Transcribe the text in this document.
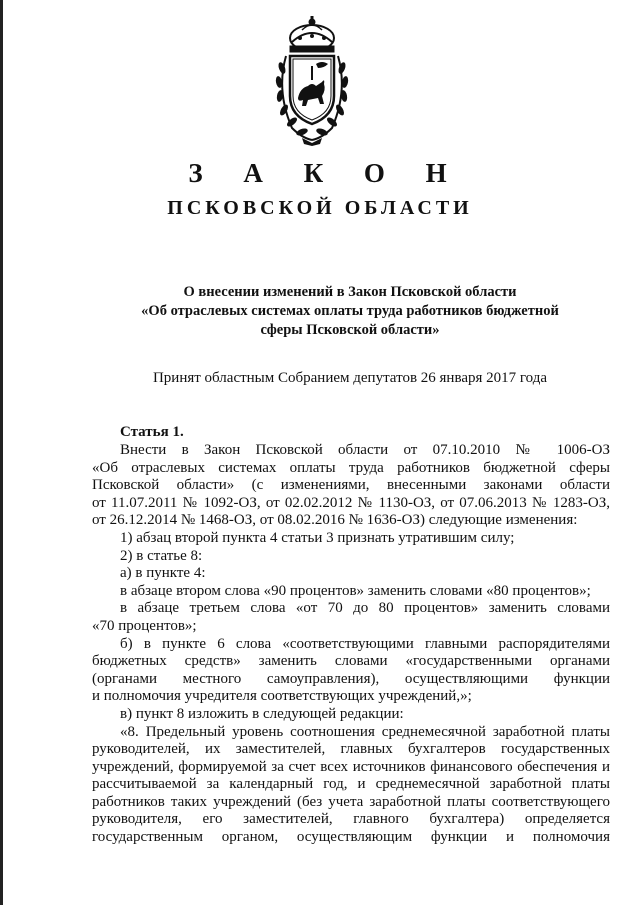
З А К О Н
ПСКОВСКОЙ ОБЛАСТИ
О внесении изменений в Закон Псковской области
«Об отраслевых системах оплаты труда работников бюджетной
сферы Псковской области»
Принят областным Собранием депутатов 26 января 2017 года
Статья 1.
Внести в Закон Псковской области от 07.10.2010 № 1006-ОЗ
«Об отраслевых системах оплаты труда работников бюджетной сферы
Псковской области» (с изменениями, внесенными законами области
от 11.07.2011 № 1092-ОЗ, от 02.02.2012 № 1130-ОЗ, от 07.06.2013 № 1283-ОЗ,
от 26.12.2014 № 1468-ОЗ, от 08.02.2016 № 1636-ОЗ) следующие изменения:
1) абзац второй пункта 4 статьи 3 признать утратившим силу;
2) в статье 8:
а) в пункте 4:
в абзаце втором слова «90 процентов» заменить словами «80 процентов»;
в абзаце третьем слова «от 70 до 80 процентов» заменить словами
«70 процентов»;
б) в пункте 6 слова «соответствующими главными распорядителями
бюджетных средств» заменить словами «государственными органами
(органами местного самоуправления), осуществляющими функции
и полномочия учредителя соответствующих учреждений,»;
в) пункт 8 изложить в следующей редакции:
«8. Предельный уровень соотношения среднемесячной заработной платы
руководителей, их заместителей, главных бухгалтеров государственных
учреждений, формируемой за счет всех источников финансового обеспечения и
рассчитываемой за календарный год, и среднемесячной заработной платы
работников таких учреждений (без учета заработной платы соответствующего
руководителя, его заместителей, главного бухгалтера) определяется
государственным органом, осуществляющим функции и полномочия
